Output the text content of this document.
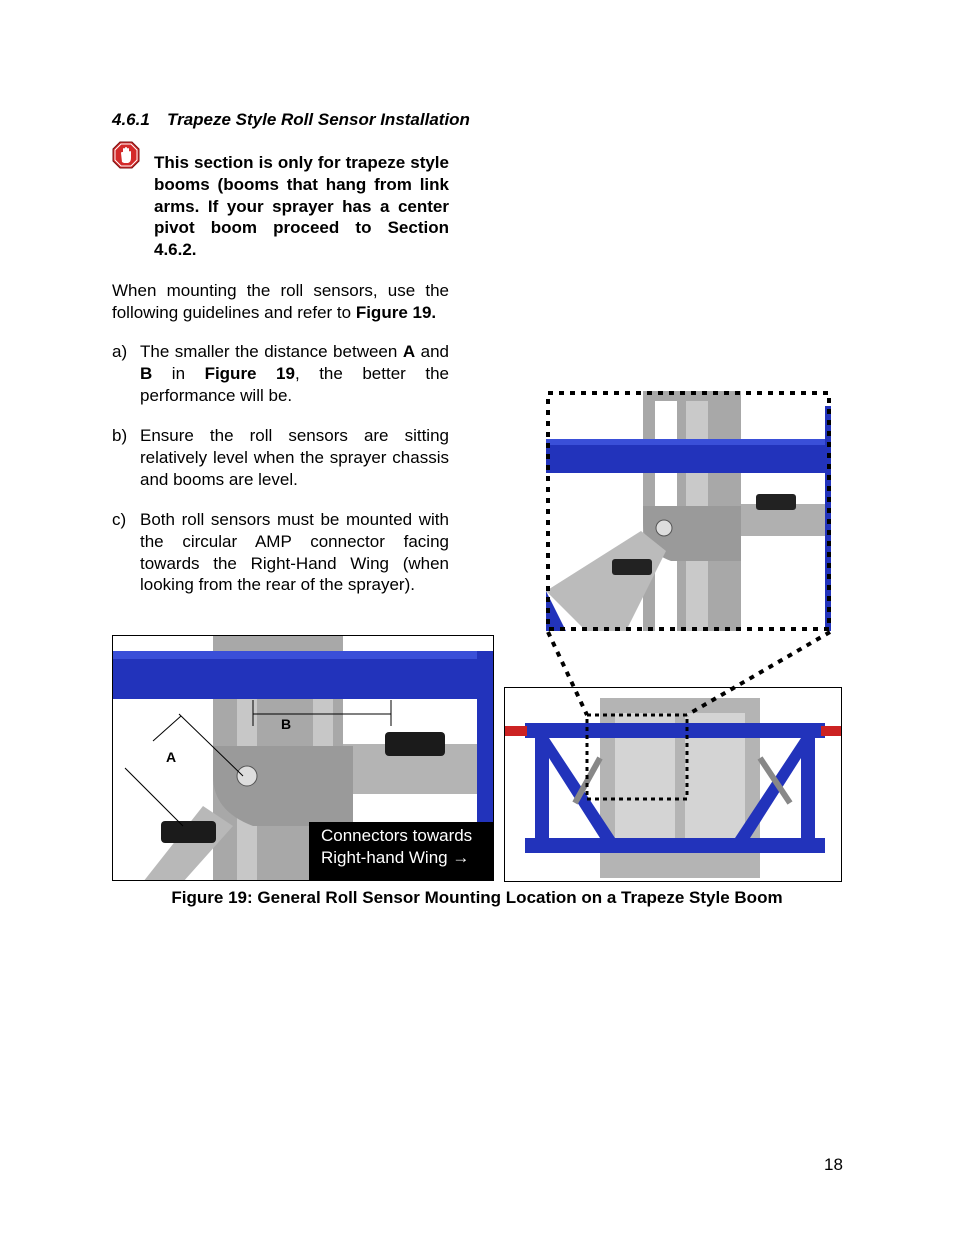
4.6.1 Trapeze Style Roll Sensor Installation
This section is only for trapeze style booms (booms that hang from link arms. If your sprayer has a center pivot boom proceed to Section 4.6.2.
When mounting the roll sensors, use the following guidelines and refer to Figure 19.
a) The smaller the distance between A and B in Figure 19, the better the performance will be.
b) Ensure the roll sensors are sitting relatively level when the sprayer chassis and booms are level.
c) Both roll sensors must be mounted with the circular AMP connector facing towards the Right-Hand Wing (when looking from the rear of the sprayer).
B
A
Connectors towards
Right-hand Wing →
Figure 19: General Roll Sensor Mounting Location on a Trapeze Style Boom
18
